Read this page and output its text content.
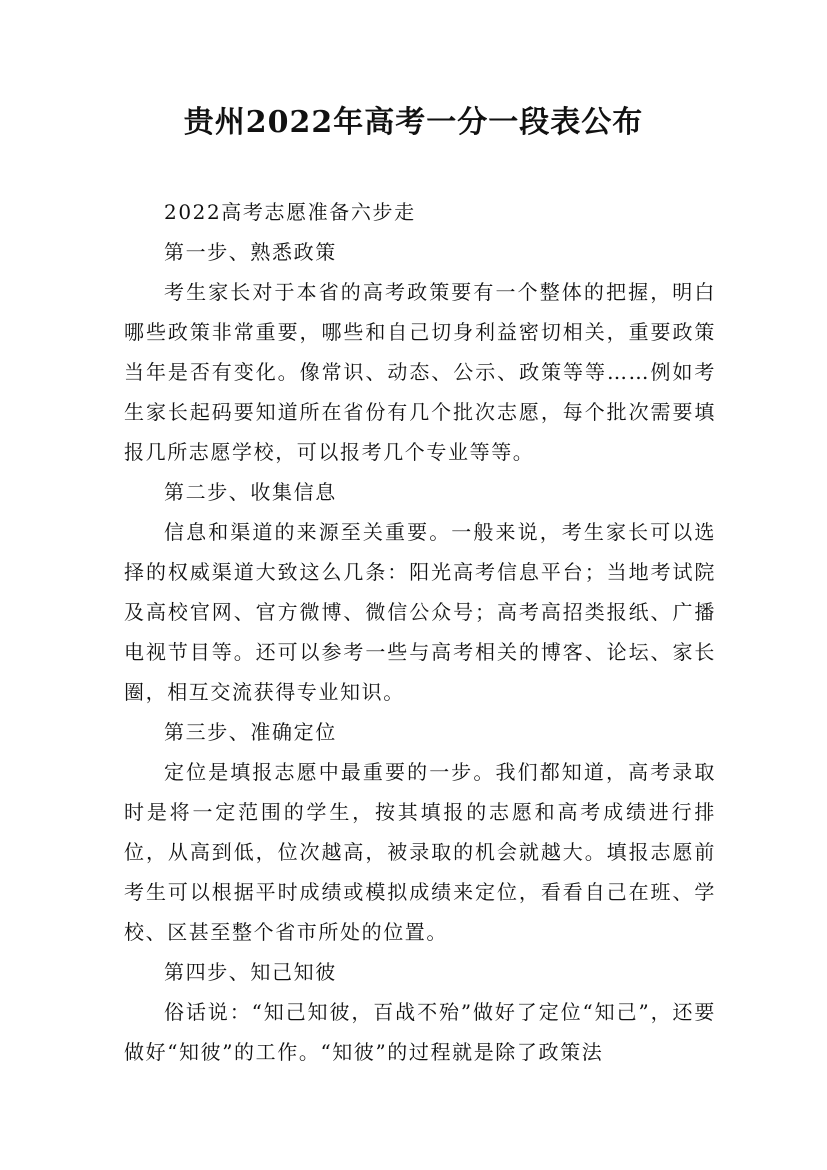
贵州2022年高考一分一段表公布

2022高考志愿准备六步走

第一步、熟悉政策

考生家长对于本省的高考政策要有一个整体的把握，明白哪些政策非常重要，哪些和自己切身利益密切相关，重要政策当年是否有变化。像常识、动态、公示、政策等等……例如考生家长起码要知道所在省份有几个批次志愿，每个批次需要填报几所志愿学校，可以报考几个专业等等。

第二步、收集信息

信息和渠道的来源至关重要。一般来说，考生家长可以选择的权威渠道大致这么几条：阳光高考信息平台；当地考试院及高校官网、官方微博、微信公众号；高考高招类报纸、广播电视节目等。还可以参考一些与高考相关的博客、论坛、家长圈，相互交流获得专业知识。

第三步、准确定位

定位是填报志愿中最重要的一步。我们都知道，高考录取时是将一定范围的学生，按其填报的志愿和高考成绩进行排位，从高到低，位次越高，被录取的机会就越大。填报志愿前考生可以根据平时成绩或模拟成绩来定位，看看自己在班、学校、区甚至整个省市所处的位置。

第四步、知己知彼

俗话说：“知己知彼，百战不殆”做好了定位“知己”，还要做好“知彼”的工作。“知彼”的过程就是除了政策法
